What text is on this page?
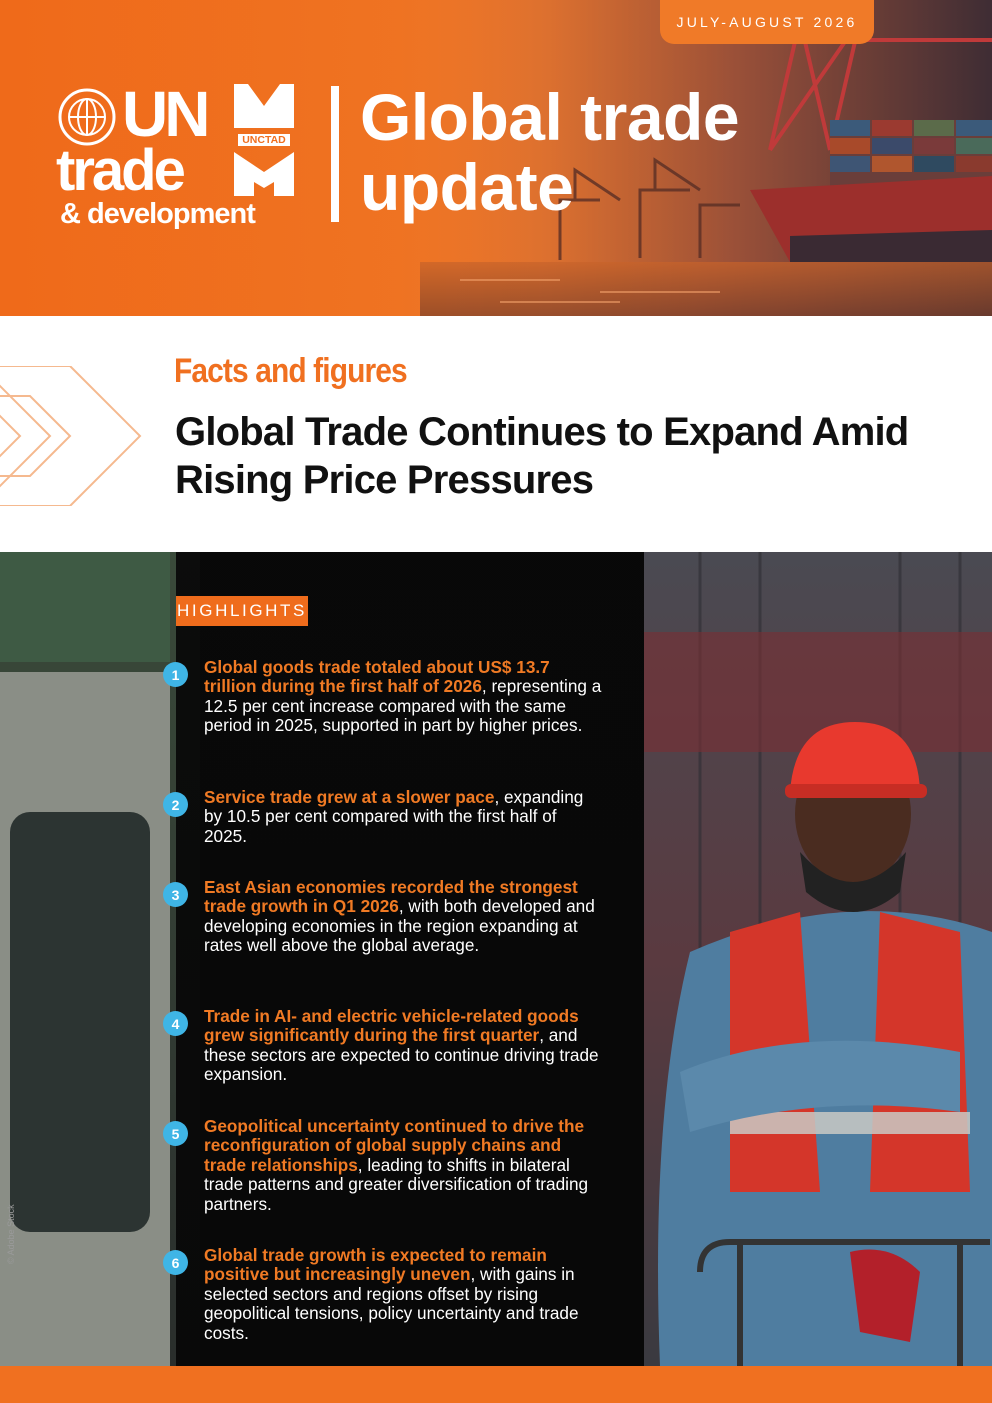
JULY-AUGUST 2026
UN
trade
& development
UNCTAD Global trade update
Facts and figures
Global Trade Continues to Expand Amid Rising Price Pressures
HIGHLIGHTS
1	Global goods trade totaled about US$ 13.7 trillion during the first half of 2026, representing a 12.5 per cent increase compared with the same period in 2025, supported in part by higher prices.
2	Service trade grew at a slower pace, expanding by 10.5 per cent compared with the first half of 2025.
3	East Asian economies recorded the strongest trade growth in Q1 2026, with both developed and developing economies in the region expanding at rates well above the global average.
4	Trade in AI- and electric vehicle-related goods grew significantly during the first quarter, and these sectors are expected to continue driving trade expansion.
5	Geopolitical uncertainty continued to drive the reconfiguration of global supply chains and trade relationships, leading to shifts in bilateral trade patterns and greater diversification of trading partners.
6	Global trade growth is expected to remain positive but increasingly uneven, with gains in selected sectors and regions offset by rising geopolitical tensions, policy uncertainty and trade costs.
© Adobe Stock
